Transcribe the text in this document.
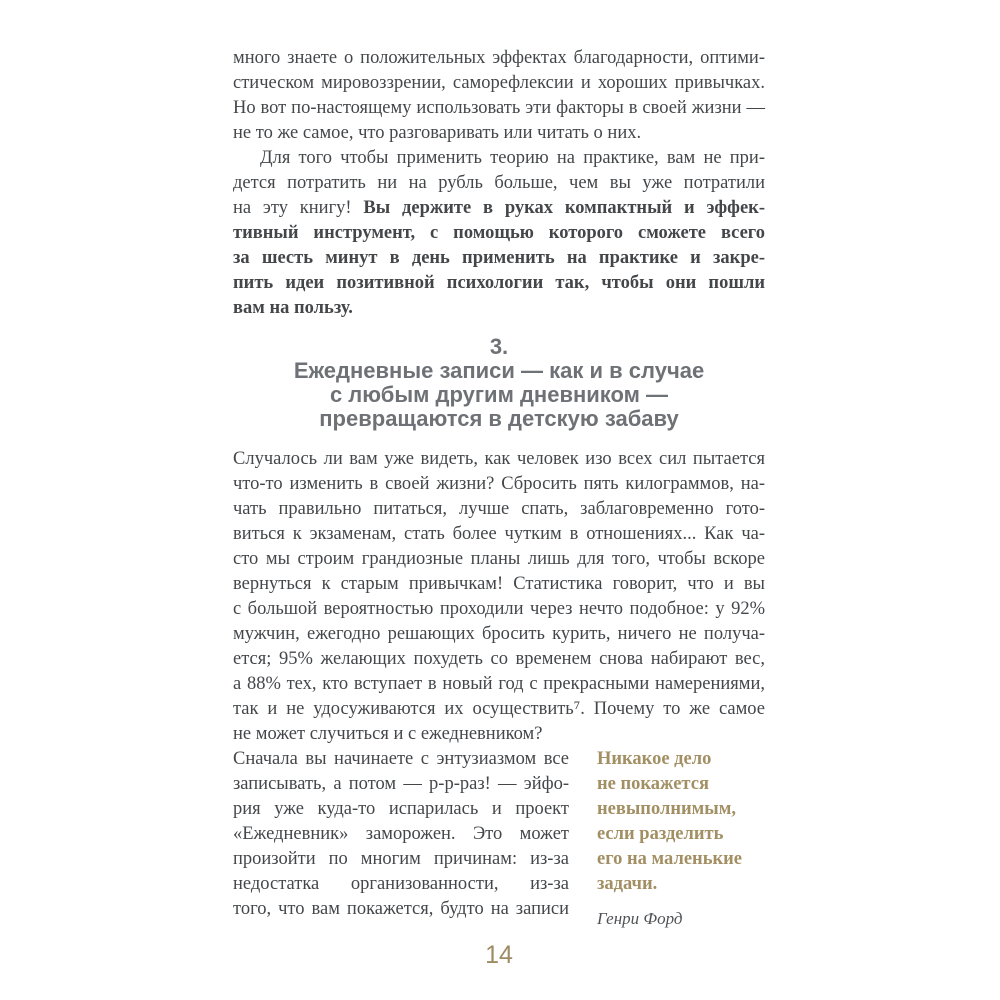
много знаете о положительных эффектах благодарности, оптими-
стическом мировоззрении, саморефлексии и хороших привычках.
Но вот по-настоящему использовать эти факторы в своей жизни —
не то же самое, что разговаривать или читать о них.
Для того чтобы применить теорию на практике, вам не при-
дется потратить ни на рубль больше, чем вы уже потратили
на эту книгу! Вы держите в руках компактный и эффек-
тивный инструмент, с помощью которого сможете всего
за шесть минут в день применить на практике и закре-
пить идеи позитивной психологии так, чтобы они пошли
вам на пользу.
3.
Ежедневные записи — как и в случае
с любым другим дневником —
превращаются в детскую забаву
Случалось ли вам уже видеть, как человек изо всех сил пытается
что-то изменить в своей жизни? Сбросить пять килограммов, на-
чать правильно питаться, лучше спать, заблаговременно гото-
виться к экзаменам, стать более чутким в отношениях... Как ча-
сто мы строим грандиозные планы лишь для того, чтобы вскоре
вернуться к старым привычкам! Статистика говорит, что и вы
с большой вероятностью проходили через нечто подобное: у 92%
мужчин, ежегодно решающих бросить курить, ничего не получа-
ется; 95% желающих похудеть со временем снова набирают вес,
а 88% тех, кто вступает в новый год с прекрасными намерениями,
так и не удосуживаются их осуществить⁷. Почему то же самое
не может случиться и с ежедневником?
Сначала вы начинаете с энтузиазмом все
записывать, а потом — р-р-раз! — эйфо-
рия уже куда-то испарилась и проект
«Ежедневник» заморожен. Это может
произойти по многим причинам: из-за
недостатка организованности, из-за
того, что вам покажется, будто на записи
Никакое дело
не покажется
невыполнимым,
если разделить
его на маленькие
задачи.
Генри Форд
14
